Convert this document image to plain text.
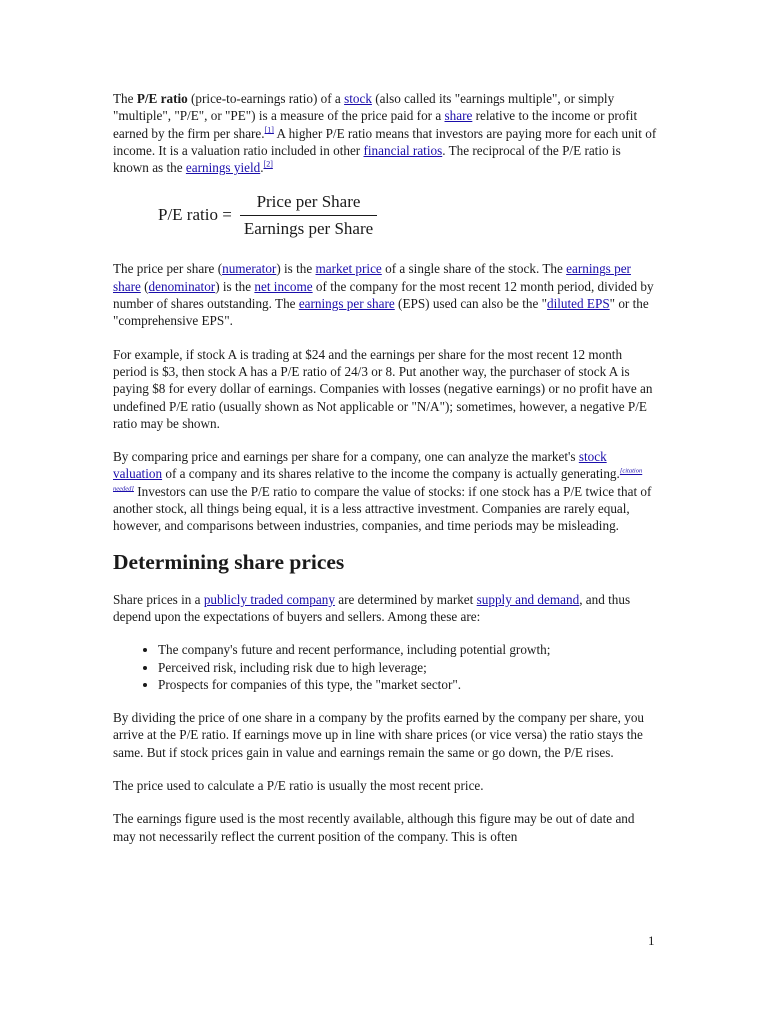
The P/E ratio (price-to-earnings ratio) of a stock (also called its "earnings multiple", or simply "multiple", "P/E", or "PE") is a measure of the price paid for a share relative to the income or profit earned by the firm per share.[1] A higher P/E ratio means that investors are paying more for each unit of income. It is a valuation ratio included in other financial ratios. The reciprocal of the P/E ratio is known as the earnings yield.[2]

P/E ratio = $\frac{\text{Price per Share}}{\text{Earnings per Share}}$

The price per share (numerator) is the market price of a single share of the stock. The earnings per share (denominator) is the net income of the company for the most recent 12 month period, divided by number of shares outstanding. The earnings per share (EPS) used can also be the "diluted EPS" or the "comprehensive EPS".

For example, if stock A is trading at $24 and the earnings per share for the most recent 12 month period is $3, then stock A has a P/E ratio of 24/3 or 8. Put another way, the purchaser of stock A is paying $8 for every dollar of earnings. Companies with losses (negative earnings) or no profit have an undefined P/E ratio (usually shown as Not applicable or "N/A"); sometimes, however, a negative P/E ratio may be shown.

By comparing price and earnings per share for a company, one can analyze the market's stock valuation of a company and its shares relative to the income the company is actually generating.[citation needed] Investors can use the P/E ratio to compare the value of stocks: if one stock has a P/E twice that of another stock, all things being equal, it is a less attractive investment. Companies are rarely equal, however, and comparisons between industries, companies, and time periods may be misleading.

Determining share prices

Share prices in a publicly traded company are determined by market supply and demand, and thus depend upon the expectations of buyers and sellers. Among these are:

• The company's future and recent performance, including potential growth;
• Perceived risk, including risk due to high leverage;
• Prospects for companies of this type, the "market sector".

By dividing the price of one share in a company by the profits earned by the company per share, you arrive at the P/E ratio. If earnings move up in line with share prices (or vice versa) the ratio stays the same. But if stock prices gain in value and earnings remain the same or go down, the P/E rises.

The price used to calculate a P/E ratio is usually the most recent price.

The earnings figure used is the most recently available, although this figure may be out of date and may not necessarily reflect the current position of the company. This is often

1
